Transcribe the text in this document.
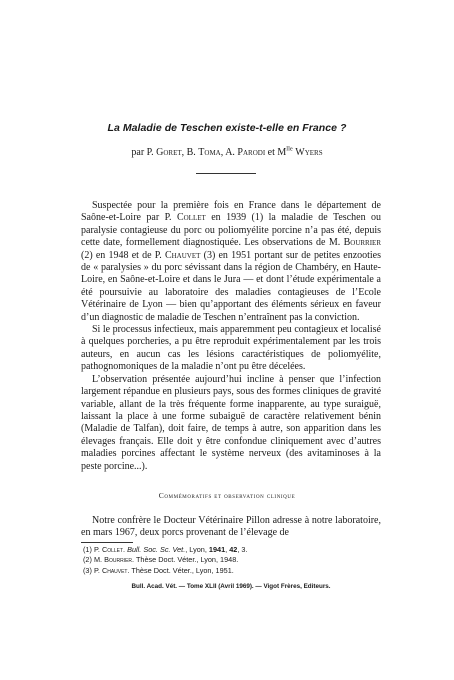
La Maladie de Teschen existe-t-elle en France ?
par P. Goret, B. Toma, A. Parodi et $M^{lle}$ Wyers

Suspectée pour la première fois en France dans le département de Saône-et-Loire par P. Collet en 1939 (1) la maladie de Teschen ou paralysie contagieuse du porc ou poliomyélite porcine n’a pas été, depuis cette date, formellement diagnostiquée. Les observations de M. Bourrier (2) en 1948 et de P. Chauvet (3) en 1951 portant sur de petites enzooties de « paralysies » du porc sévissant dans la région de Chambéry, en Haute-Loire, en Saône-et-Loire et dans le Jura — et dont l’étude expérimentale a été poursuivie au laboratoire des maladies contagieuses de l’Ecole Vétérinaire de Lyon — bien qu’apportant des éléments sérieux en faveur d’un diagnostic de maladie de Teschen n’entraînent pas la conviction.

Si le processus infectieux, mais apparemment peu contagieux et localisé à quelques porcheries, a pu être reproduit expérimentalement par les trois auteurs, en aucun cas les lésions caractéristiques de poliomyélite, pathognomoniques de la maladie n’ont pu être décelées.

L’observation présentée aujourd’hui incline à penser que l’infection largement répandue en plusieurs pays, sous des formes cliniques de gravité variable, allant de la très fréquente forme inapparente, au type suraiguë, laissant la place à une forme subaiguë de caractère relativement bénin (Maladie de Talfan), doit faire, de temps à autre, son apparition dans les élevages français. Elle doit y être confondue cliniquement avec d’autres maladies porcines affectant le système nerveux (des avitaminoses à la peste porcine...).

Commémoratifs et observation clinique

Notre confrère le Docteur Vétérinaire Pillon adresse à notre laboratoire, en mars 1967, deux porcs provenant de l’élevage de

(1) P. Collet. Bull. Soc. Sc. Vet., Lyon, 1941, 42, 3.
(2) M. Bourrier. Thèse Doct. Véter., Lyon, 1948.
(3) P. Chauvet. Thèse Doct. Véter., Lyon, 1951.
Bull. Acad. Vét. — Tome XLII (Avril 1969). — Vigot Frères, Editeurs.
